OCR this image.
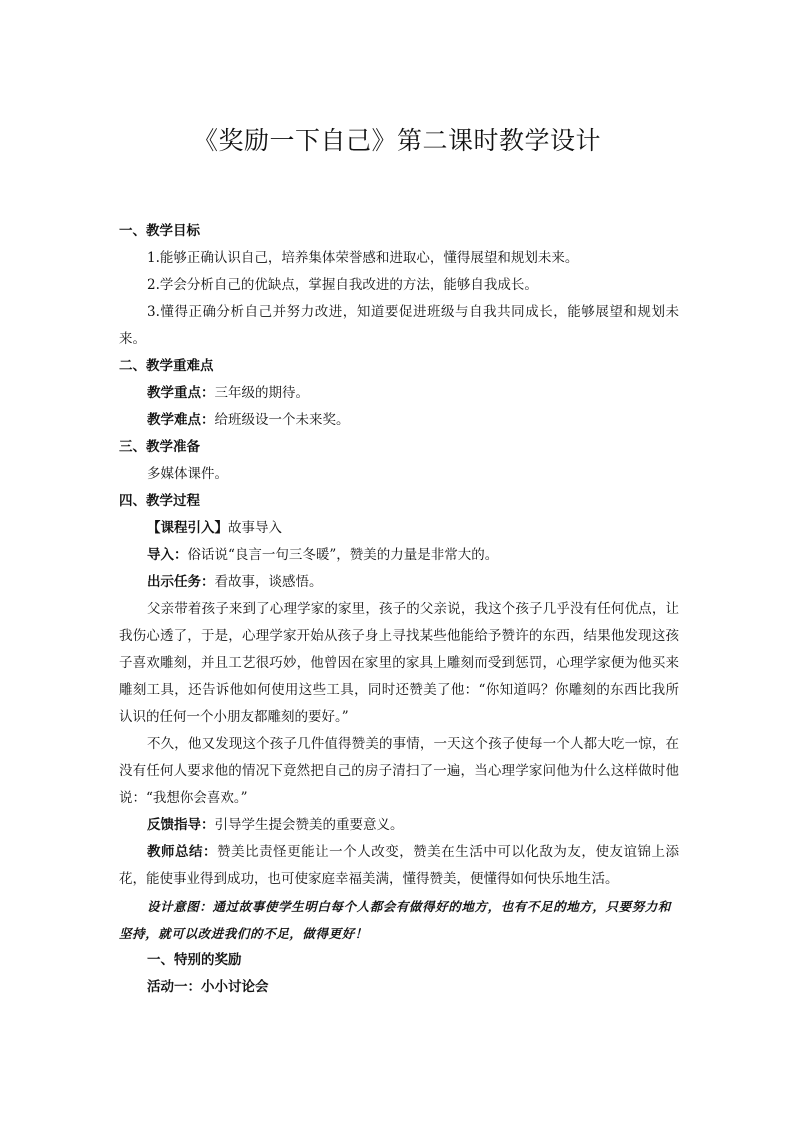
《奖励一下自己》第二课时教学设计

一、教学目标

1.能够正确认识自己，培养集体荣誉感和进取心，懂得展望和规划未来。

2.学会分析自己的优缺点，掌握自我改进的方法，能够自我成长。

3.懂得正确分析自己并努力改进，知道要促进班级与自我共同成长，能够展望和规划未来。

二、教学重难点

教学重点：三年级的期待。

教学难点：给班级设一个未来奖。

三、教学准备

多媒体课件。

四、教学过程

【课程引入】故事导入

导入：俗话说“良言一句三冬暖”，赞美的力量是非常大的。

出示任务：看故事，谈感悟。

父亲带着孩子来到了心理学家的家里，孩子的父亲说，我这个孩子几乎没有任何优点，让我伤心透了，于是，心理学家开始从孩子身上寻找某些他能给予赞许的东西，结果他发现这孩子喜欢雕刻，并且工艺很巧妙，他曾因在家里的家具上雕刻而受到惩罚，心理学家便为他买来雕刻工具，还告诉他如何使用这些工具，同时还赞美了他：“你知道吗？你雕刻的东西比我所认识的任何一个小朋友都雕刻的要好。”

不久，他又发现这个孩子几件值得赞美的事情，一天这个孩子使每一个人都大吃一惊，在没有任何人要求他的情况下竟然把自己的房子清扫了一遍，当心理学家问他为什么这样做时他说：“我想你会喜欢。”

反馈指导：引导学生提会赞美的重要意义。

教师总结：赞美比责怪更能让一个人改变，赞美在生活中可以化敌为友，使友谊锦上添花，能使事业得到成功，也可使家庭幸福美满，懂得赞美，便懂得如何快乐地生活。

设计意图：通过故事使学生明白每个人都会有做得好的地方，也有不足的地方，只要努力和坚持，就可以改进我们的不足，做得更好！

一、特别的奖励

活动一：小小讨论会
